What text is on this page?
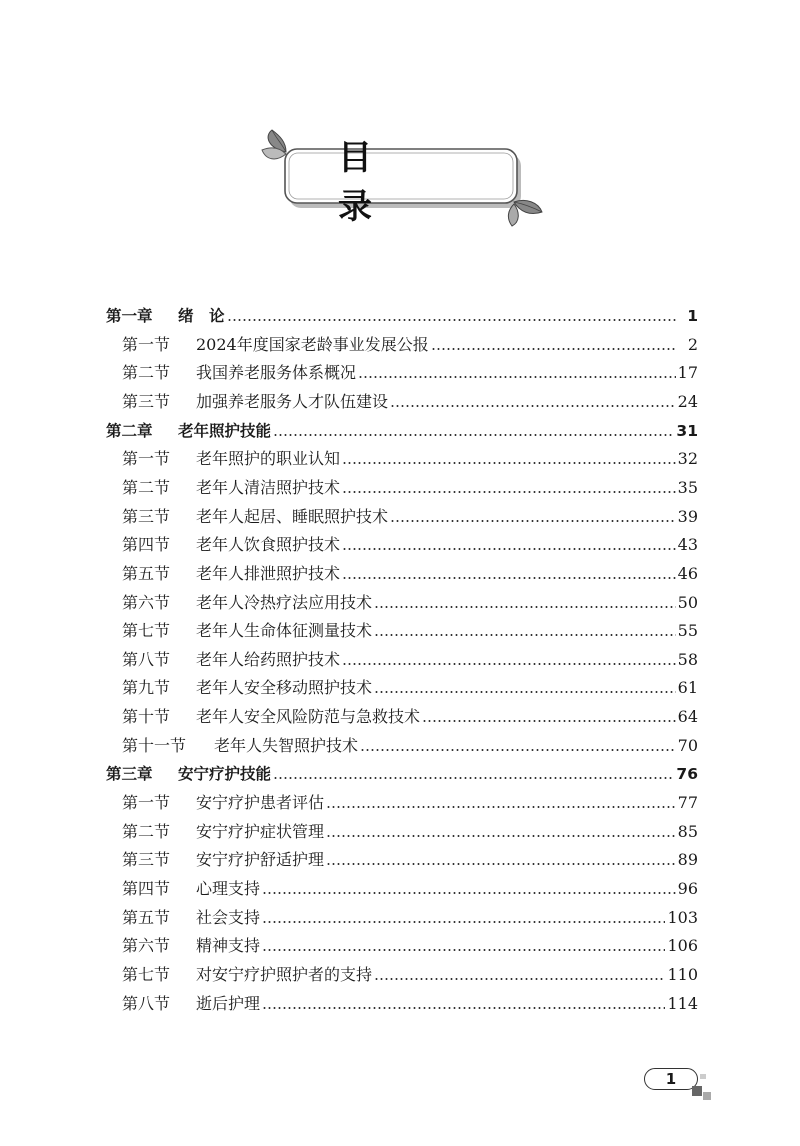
目　录
第一章	绪　论	1
第一节	2024年度国家老龄事业发展公报	2
第二节	我国养老服务体系概况	17
第三节	加强养老服务人才队伍建设	24
第二章	老年照护技能	31
第一节	老年照护的职业认知	32
第二节	老年人清洁照护技术	35
第三节	老年人起居、睡眠照护技术	39
第四节	老年人饮食照护技术	43
第五节	老年人排泄照护技术	46
第六节	老年人冷热疗法应用技术	50
第七节	老年人生命体征测量技术	55
第八节	老年人给药照护技术	58
第九节	老年人安全移动照护技术	61
第十节	老年人安全风险防范与急救技术	64
第十一节	老年人失智照护技术	70
第三章	安宁疗护技能	76
第一节	安宁疗护患者评估	77
第二节	安宁疗护症状管理	85
第三节	安宁疗护舒适护理	89
第四节	心理支持	96
第五节	社会支持	103
第六节	精神支持	106
第七节	对安宁疗护照护者的支持	110
第八节	逝后护理	114
1
